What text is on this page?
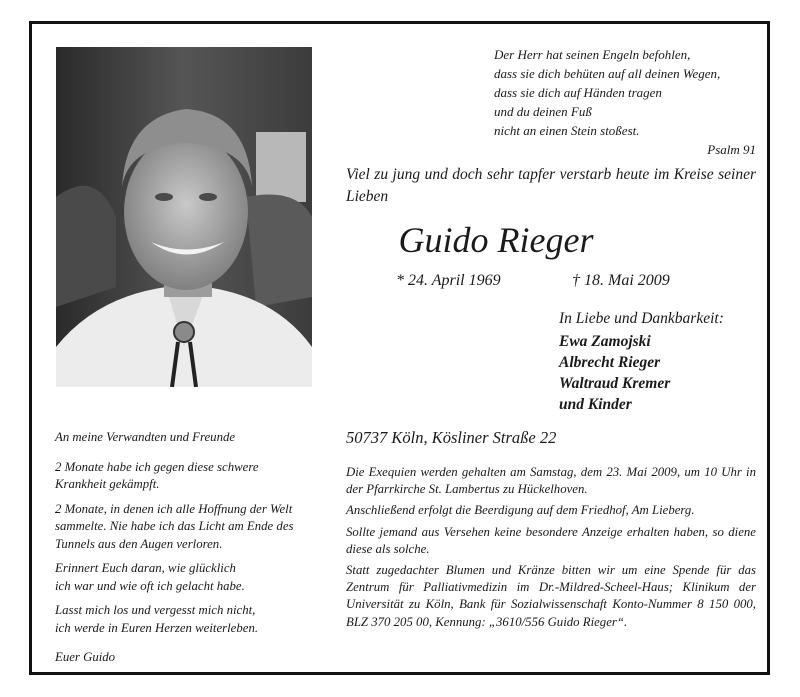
Der Herr hat seinen Engeln befohlen,
dass sie dich behüten auf all deinen Wegen,
dass sie dich auf Händen tragen
und du deinen Fuß
nicht an einen Stein stoßest.
Psalm 91
Viel zu jung und doch sehr tapfer verstarb heute im Kreise seiner Lieben
Guido Rieger
* 24. April 1969	† 18. Mai 2009
In Liebe und Dankbarkeit:
Ewa Zamojski
Albrecht Rieger
Waltraud Kremer
und Kinder

An meine Verwandten und Freunde

2 Monate habe ich gegen diese schwere Krankheit gekämpft.

2 Monate, in denen ich alle Hoffnung der Welt sammelte. Nie habe ich das Licht am Ende des Tunnels aus den Augen verloren.

Erinnert Euch daran, wie glücklich
ich war und wie oft ich gelacht habe.

Lasst mich los und vergesst mich nicht,
ich werde in Euren Herzen weiterleben.

Euer Guido

50737 Köln, Kösliner Straße 22

Die Exequien werden gehalten am Samstag, dem 23. Mai 2009, um 10 Uhr in der Pfarrkirche St. Lambertus zu Hückelhoven.

Anschließend erfolgt die Beerdigung auf dem Friedhof, Am Lieberg.

Sollte jemand aus Versehen keine besondere Anzeige erhalten haben, so diene diese als solche.

Statt zugedachter Blumen und Kränze bitten wir um eine Spende für das Zentrum für Palliativmedizin im Dr.-Mildred-Scheel-Haus; Klinikum der Universität zu Köln, Bank für Sozialwissenschaft Konto-Nummer 8 150 000, BLZ 370 205 00, Kennung: „3610/556 Guido Rieger“.
